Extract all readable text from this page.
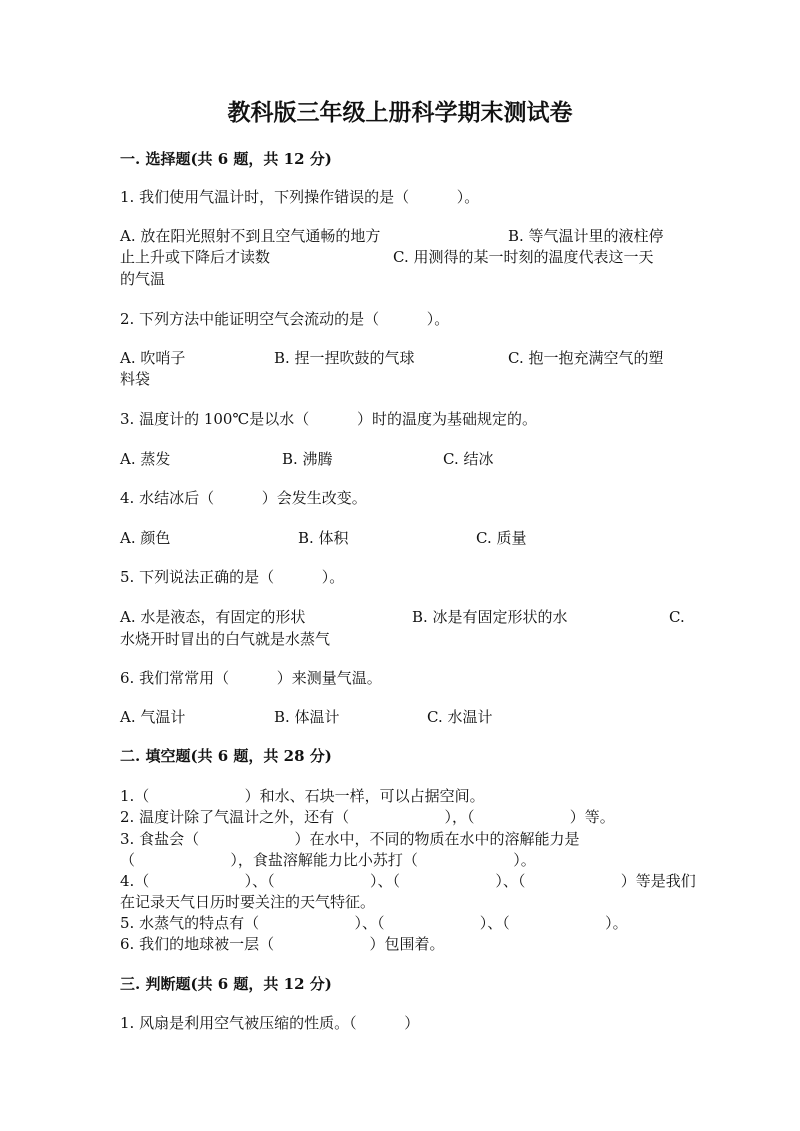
教科版三年级上册科学期末测试卷
一. 选择题(共 6 题，共 12 分)
1. 我们使用气温计时，下列操作错误的是（          ）。
A. 放在阳光照射不到且空气通畅的地方	B. 等气温计里的液柱停
止上升或下降后才读数	C. 用测得的某一时刻的温度代表这一天
的气温
2. 下列方法中能证明空气会流动的是（          ）。
A. 吹哨子	B. 捏一捏吹鼓的气球	C. 抱一抱充满空气的塑
料袋
3. 温度计的 100℃是以水（          ）时的温度为基础规定的。
A. 蒸发	B. 沸腾	C. 结冰
4. 水结冰后（          ）会发生改变。
A. 颜色	B. 体积	C. 质量
5. 下列说法正确的是（          ）。
A. 水是液态，有固定的形状	B. 冰是有固定形状的水	C.
水烧开时冒出的白气就是水蒸气
6. 我们常常用（          ）来测量气温。
A. 气温计	B. 体温计	C. 水温计
二. 填空题(共 6 题，共 28 分)
1.（                    ）和水、石块一样，可以占据空间。
2. 温度计除了气温计之外，还有（                    ），（                    ）等。
3. 食盐会（                    ）在水中，不同的物质在水中的溶解能力是
（                    ），食盐溶解能力比小苏打（                    ）。
4.（                    ）、（                    ）、（                    ）、（                    ）等是我们
在记录天气日历时要关注的天气特征。
5. 水蒸气的特点有（                    ）、（                    ）、（                    ）。
6. 我们的地球被一层（                    ）包围着。
三. 判断题(共 6 题，共 12 分)
1. 风扇是利用空气被压缩的性质。（          ）
